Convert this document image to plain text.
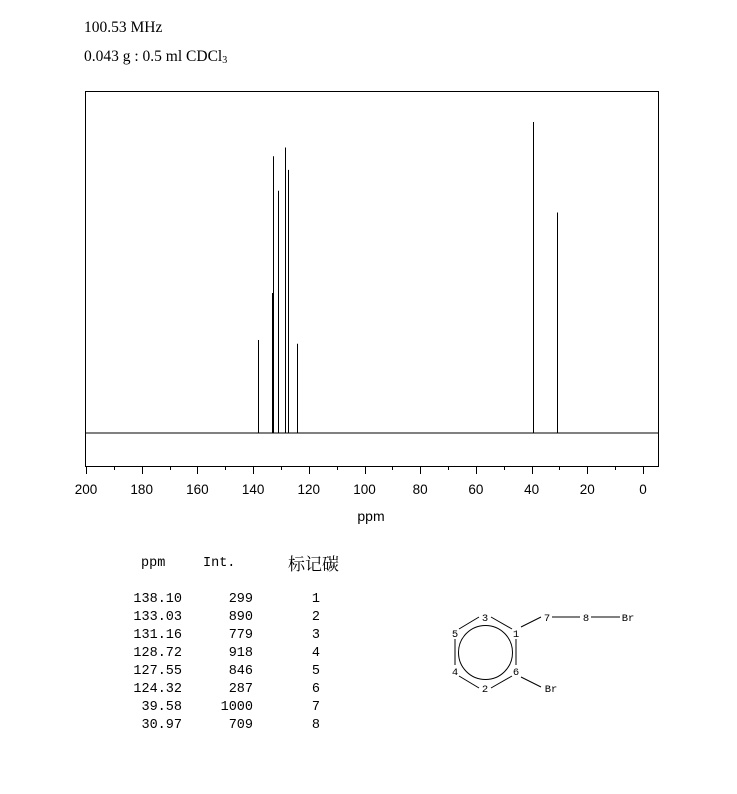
100.53 MHz
0.043 g : 0.5 ml CDCl$_3$
200 180 160 140 120 100	80	60	40	20	0
ppm
ppm	Int.	标记碳
138.10	299	1
133.03	890	2
131.16	779	3
128.72	918	4
127.55	846	5
124.32	287	6
39.58	1000	7
30.97	709	8
3
1
7	8	Br
5
4
2
6
Br
